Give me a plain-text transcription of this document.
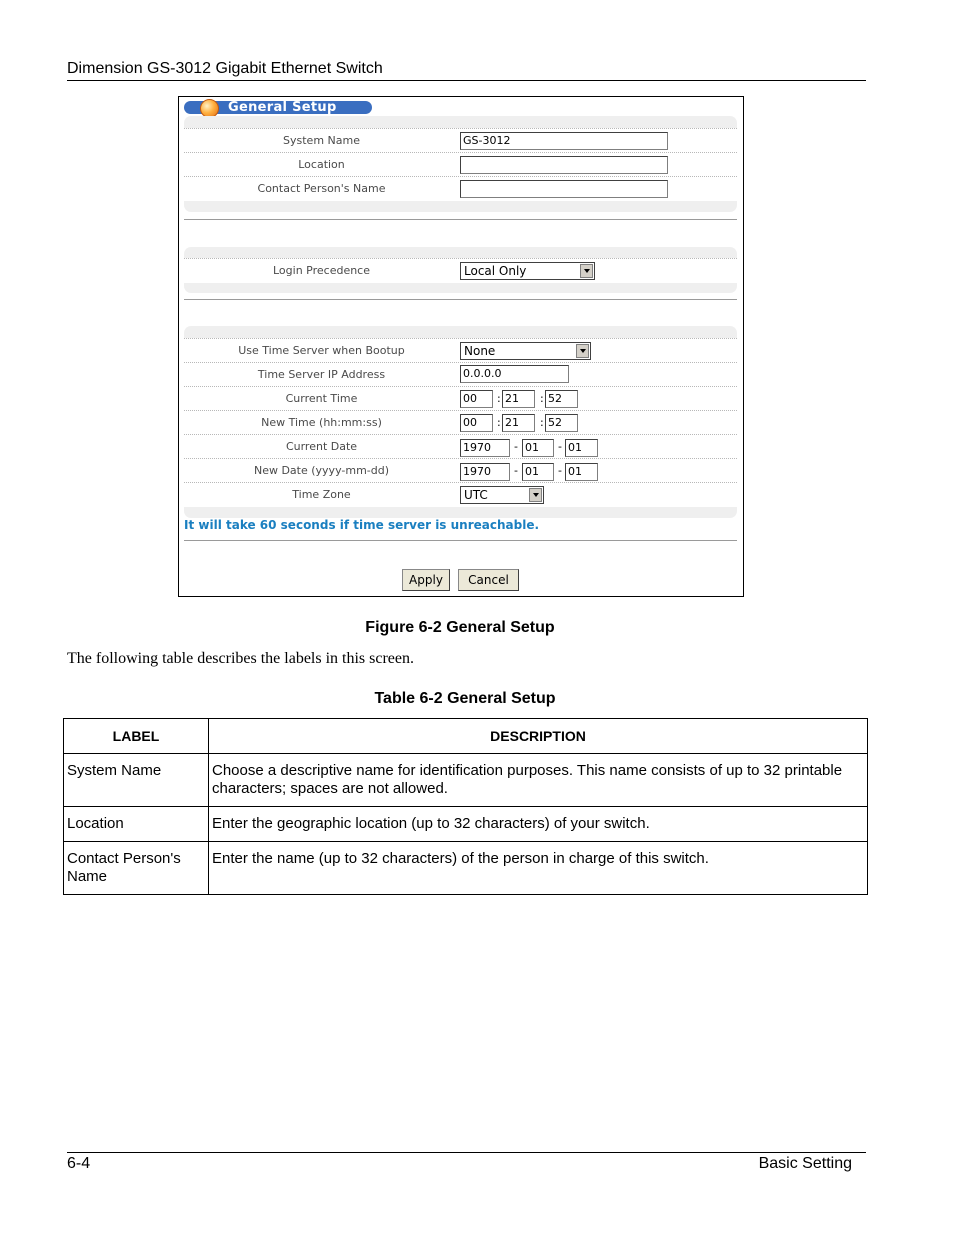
Dimension GS-3012 Gigabit Ethernet Switch
General Setup
System Name	GS-3012
Location
Contact Person's Name
Login Precedence	Local Only
Use Time Server when Bootup	None
Time Server IP Address	0.0.0.0
Current Time	00	: 21	: 52
New Time (hh:mm:ss)	00	: 21	: 52
Current Date	1970	- 01	- 01
New Date (yyyy-mm-dd)	1970	- 01	- 01
Time Zone	UTC
It will take 60 seconds if time server is unreachable.
Apply	Cancel
Figure 6-2 General Setup
The following table describes the labels in this screen.
Table 6-2 General Setup
LABEL	DESCRIPTION
System Name	Choose a descriptive name for identification purposes. This name consists of up to 32 printable characters; spaces are not allowed.
Location	Enter the geographic location (up to 32 characters) of your switch.
Contact Person's Name	Enter the name (up to 32 characters) of the person in charge of this switch.
6-4	Basic Setting
